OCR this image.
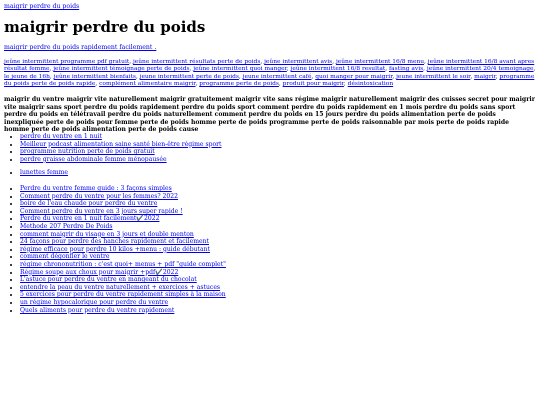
maigrir perdre du poids
maigrir perdre du poids
maigrir perdre du poids rapidement facilement .

jeûne intermittent programme pdf gratuit, jeûne intermittent résultats perte de poids, jeûne intermittent avis, jeûne intermittent 16/8 menu, jeûne intermittent 16/8 avant apres résultat femme, jeûne intermittent témoignage perte de poids, jeûne intermittent quoi manger, jeûne intermittent 16/8 resultat, fasting avis, jeûne intermittent 20/4 temoignage, le jeune de 16h, jeûne intermittent bienfaits, jeune intermittent perte de poids, jeune intermittent café, quoi manger pour maigrir, jeune intermittent le soir, maigrir, programme du poids perte de poids rapide, complément alimentaire maigrir, programme perte de poids, produit pour maigrir, désintoxication

maigrir du ventre maigrir vite naturellement maigrir gratuitement maigrir vite sans régime maigrir naturellement maigrir des cuisses secret pour maigrir vite maigrir sans sport perdre du poids rapidement perdre du poids sport comment perdre du poids rapidement en 1 mois perdre du poids sans sport perdre du poids en télétravail perdre du poids naturellement comment perdre du poids en 15 jours perdre du poids alimentation perte de poids inexpliquée perte de poids pour femme perte de poids homme perte de poids programme perte de poids raisonnable par mois perte de poids rapide homme perte de poids alimentation perte de poids cause

• perdre du ventre en 1 nuit
• Meilleur podcast alimentation saine santé bien-être régime sport
• programme nutrition perte de poids gratuit
• perdre graisse abdominale femme ménopausée
• lunettes femme
• Perdre du ventre femme guide : 3 façons simples
• Comment perdre du ventre pour les femmes? 2022
• boire de l'eau chaude pour perdre du ventre
• Comment perdre du ventre en 3 jours super rapide !
• Perdre du ventre en 1 nuit facilement✔️2022
• Methode 207 Perdre De Poids
• comment maigrir du visage en 3 jours et double menton
• 24 façons pour perdre des hanches rapidement et facilement
• régime efficace pour perdre 10 kilos +menu : guide débutant
• comment dégonfler le ventre
• régime chrononutrition : c'est quoi+ menus + pdf "guide complet"
• Régime soupe aux choux pour maigrir +pdf✔️2022
• L'astuce pour perdre du ventre en mangeant du chocolat
• entendre la peau du ventre naturellement + exercices + astuces
• 5 exercices pour perdre du ventre rapidement simples à la maison
• un régime hypocalorique pour perdre du ventre
• Quels aliments pour perdre du ventre rapidement
